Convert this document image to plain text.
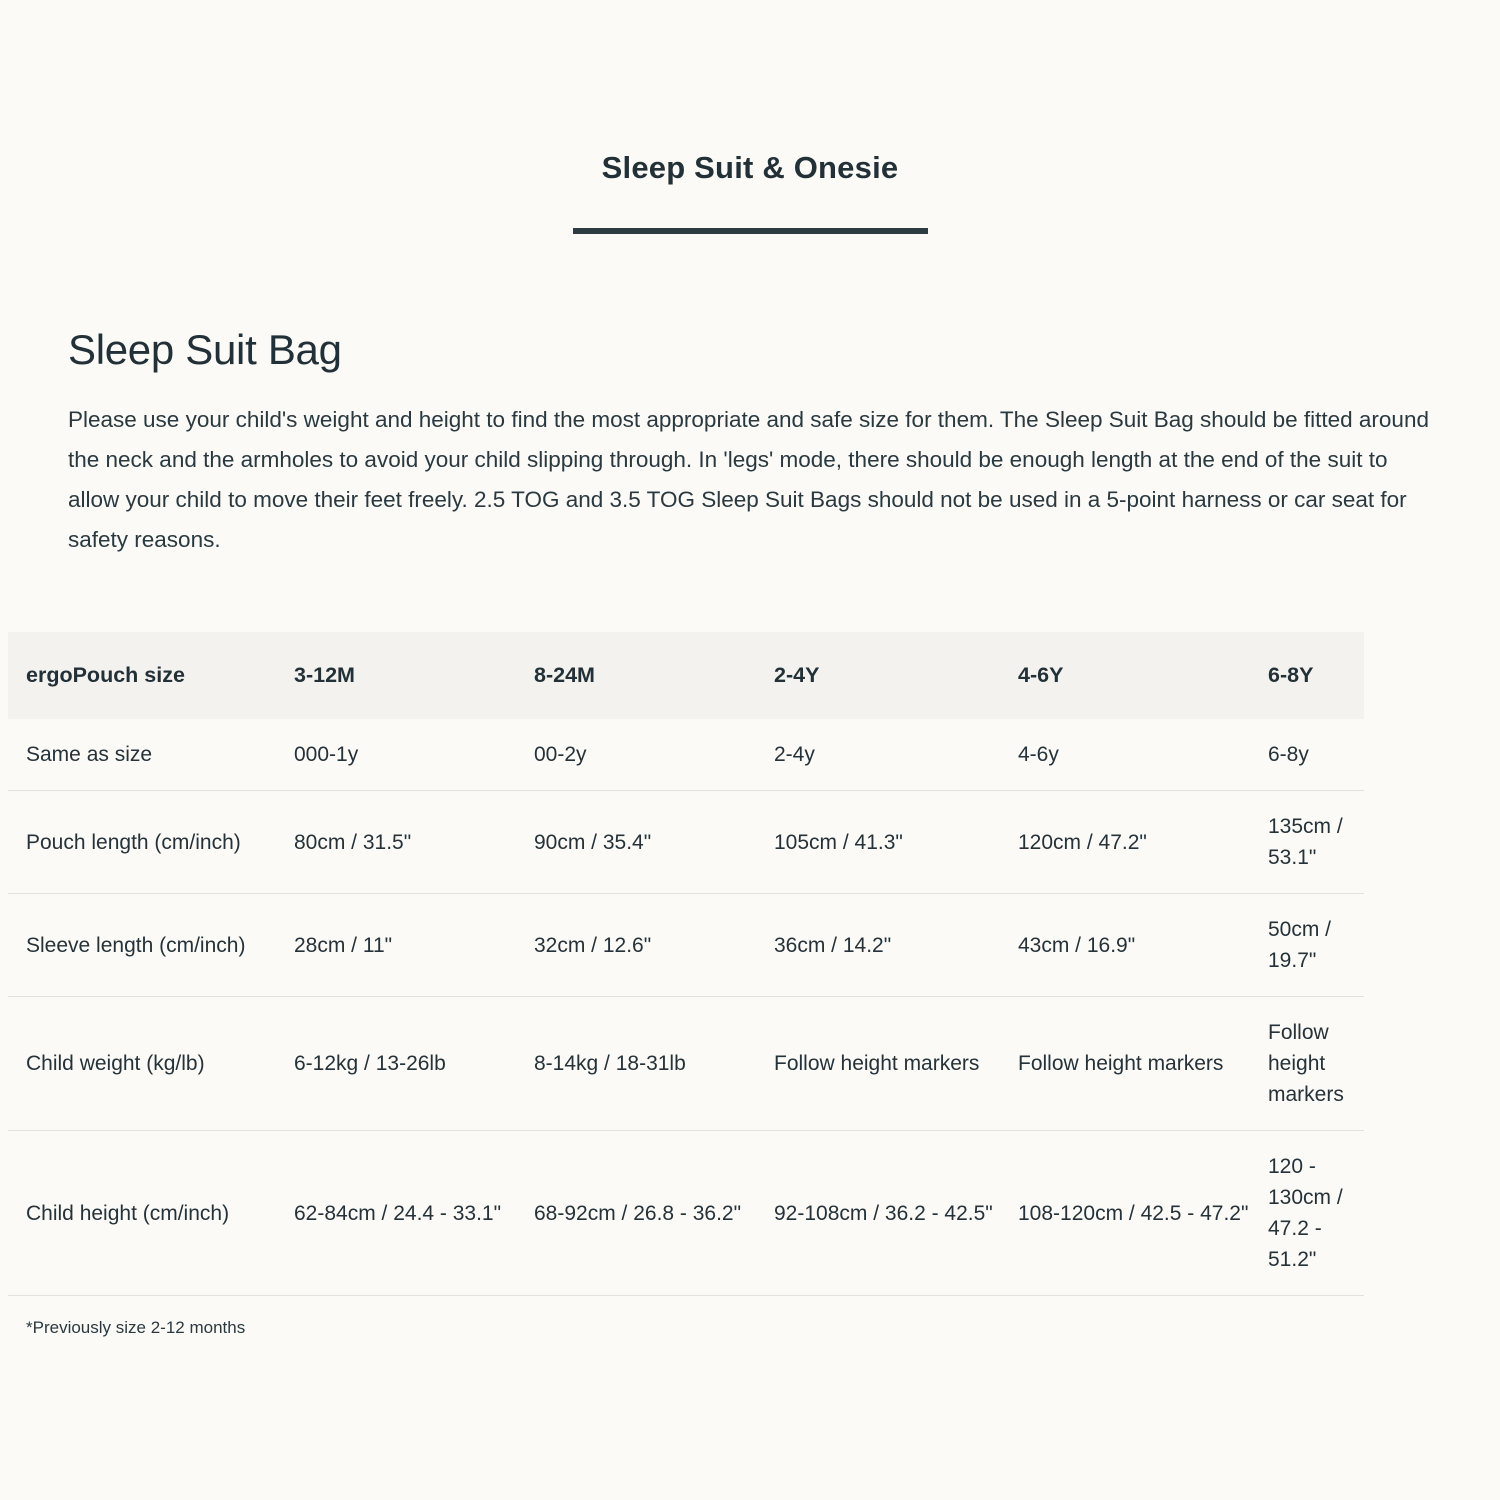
Sleep Suit & Onesie
Sleep Suit Bag

Please use your child's weight and height to find the most appropriate and safe size for them. The Sleep Suit Bag should be fitted around the neck and the armholes to avoid your child slipping through. In 'legs' mode, there should be enough length at the end of the suit to allow your child to move their feet freely. 2.5 TOG and 3.5 TOG Sleep Suit Bags should not be used in a 5-point harness or car seat for safety reasons.

ergoPouch size	3-12M	8-24M	2-4Y	4-6Y	6-8Y
Same as size	000-1y	00-2y	2-4y	4-6y	6-8y
Pouch length (cm/inch)	80cm / 31.5"	90cm / 35.4"	105cm / 41.3"	120cm / 47.2"	135cm / 53.1"
Sleeve length (cm/inch)	28cm / 11"	32cm / 12.6"	36cm / 14.2"	43cm / 16.9"	50cm / 19.7"
Child weight (kg/lb)	6-12kg / 13-26lb	8-14kg / 18-31lb	Follow height markers	Follow height markers	Follow height markers
Child height (cm/inch)	62-84cm / 24.4 - 33.1"	68-92cm / 26.8 - 36.2"	92-108cm / 36.2 - 42.5"	108-120cm / 42.5 - 47.2"	120 - 130cm / 47.2 - 51.2"
*Previously size 2-12 months
